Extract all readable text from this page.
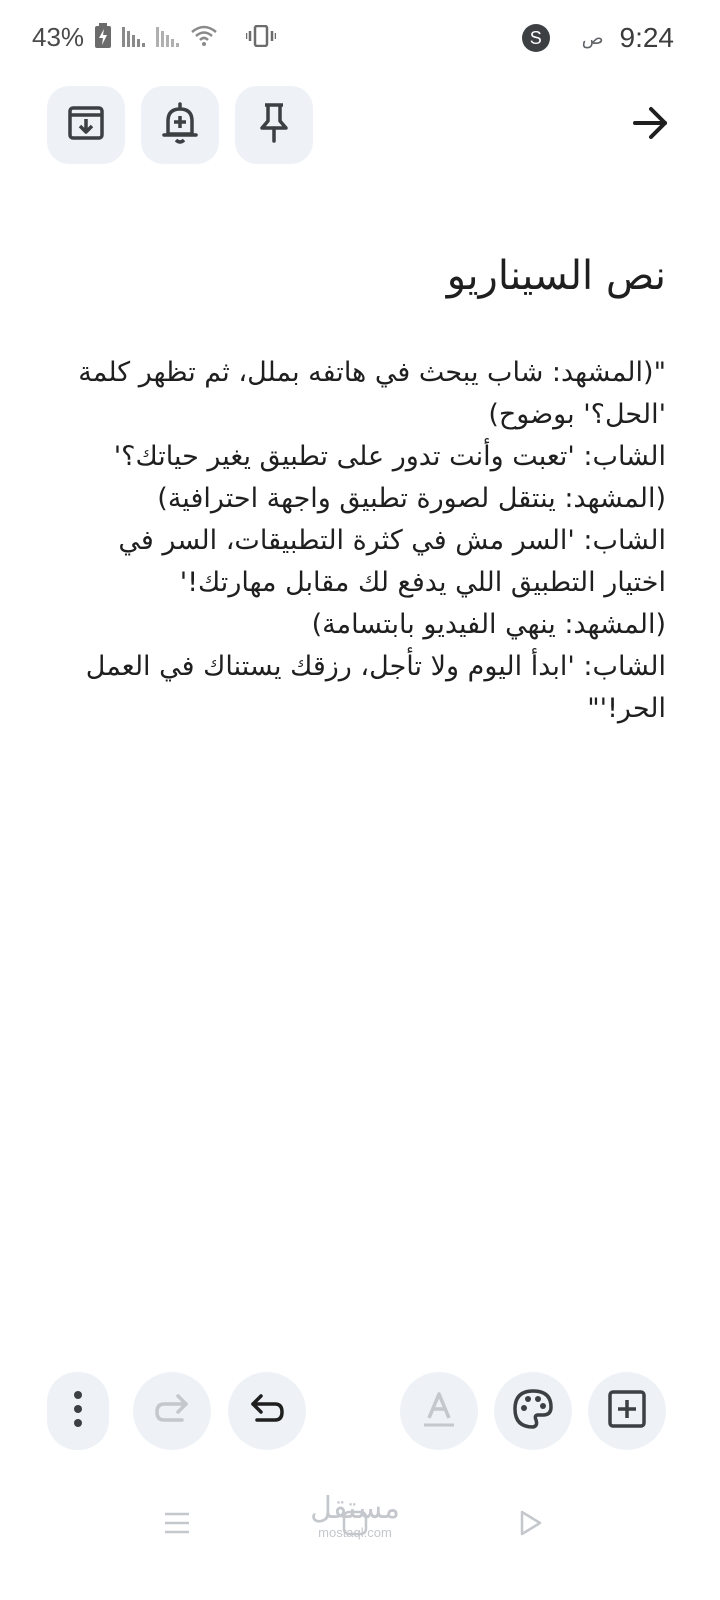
43%	S	ص 9:24
نص السيناريو
"(المشهد: شاب يبحث في هاتفه بملل، ثم تظهر كلمة 'الحل؟' بوضوح)
الشاب: 'تعبت وأنت تدور على تطبيق يغير حياتك؟'
(المشهد: ينتقل لصورة تطبيق واجهة احترافية)
الشاب: 'السر مش في كثرة التطبيقات، السر في اختيار التطبيق اللي يدفع لك مقابل مهارتك!'
(المشهد: ينهي الفيديو بابتسامة)
الشاب: 'ابدأ اليوم ولا تأجل، رزقك يستناك في العمل الحر!'"
مستقل
mostaql.com
